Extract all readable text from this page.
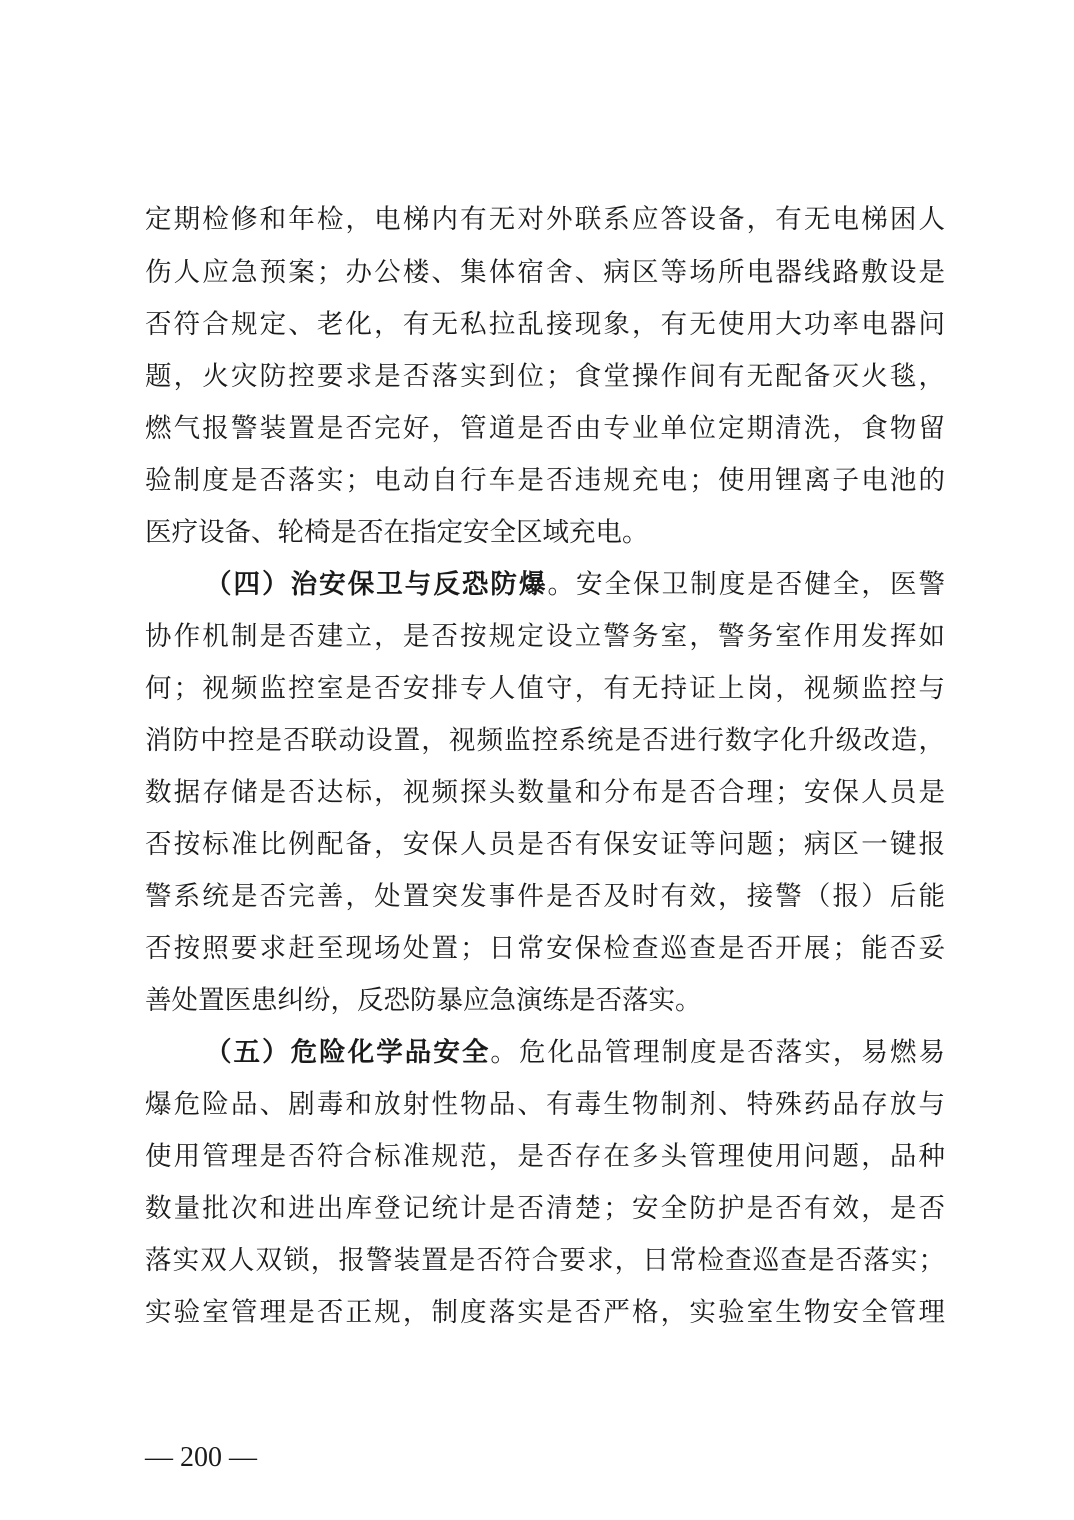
定期检修和年检，电梯内有无对外联系应答设备，有无电梯困人
伤人应急预案；办公楼、集体宿舍、病区等场所电器线路敷设是
否符合规定、老化，有无私拉乱接现象，有无使用大功率电器问
题，火灾防控要求是否落实到位；食堂操作间有无配备灭火毯，
燃气报警装置是否完好，管道是否由专业单位定期清洗，食物留
验制度是否落实；电动自行车是否违规充电；使用锂离子电池的
医疗设备、轮椅是否在指定安全区域充电。
（四）治安保卫与反恐防爆。安全保卫制度是否健全，医警
协作机制是否建立，是否按规定设立警务室，警务室作用发挥如
何；视频监控室是否安排专人值守，有无持证上岗，视频监控与
消防中控是否联动设置，视频监控系统是否进行数字化升级改造，
数据存储是否达标，视频探头数量和分布是否合理；安保人员是
否按标准比例配备，安保人员是否有保安证等问题；病区一键报
警系统是否完善，处置突发事件是否及时有效，接警（报）后能
否按照要求赶至现场处置；日常安保检查巡查是否开展；能否妥
善处置医患纠纷，反恐防暴应急演练是否落实。
（五）危险化学品安全。危化品管理制度是否落实，易燃易
爆危险品、剧毒和放射性物品、有毒生物制剂、特殊药品存放与
使用管理是否符合标准规范，是否存在多头管理使用问题，品种
数量批次和进出库登记统计是否清楚；安全防护是否有效，是否
落实双人双锁，报警装置是否符合要求，日常检查巡查是否落实；
实验室管理是否正规，制度落实是否严格，实验室生物安全管理
— 200 —
